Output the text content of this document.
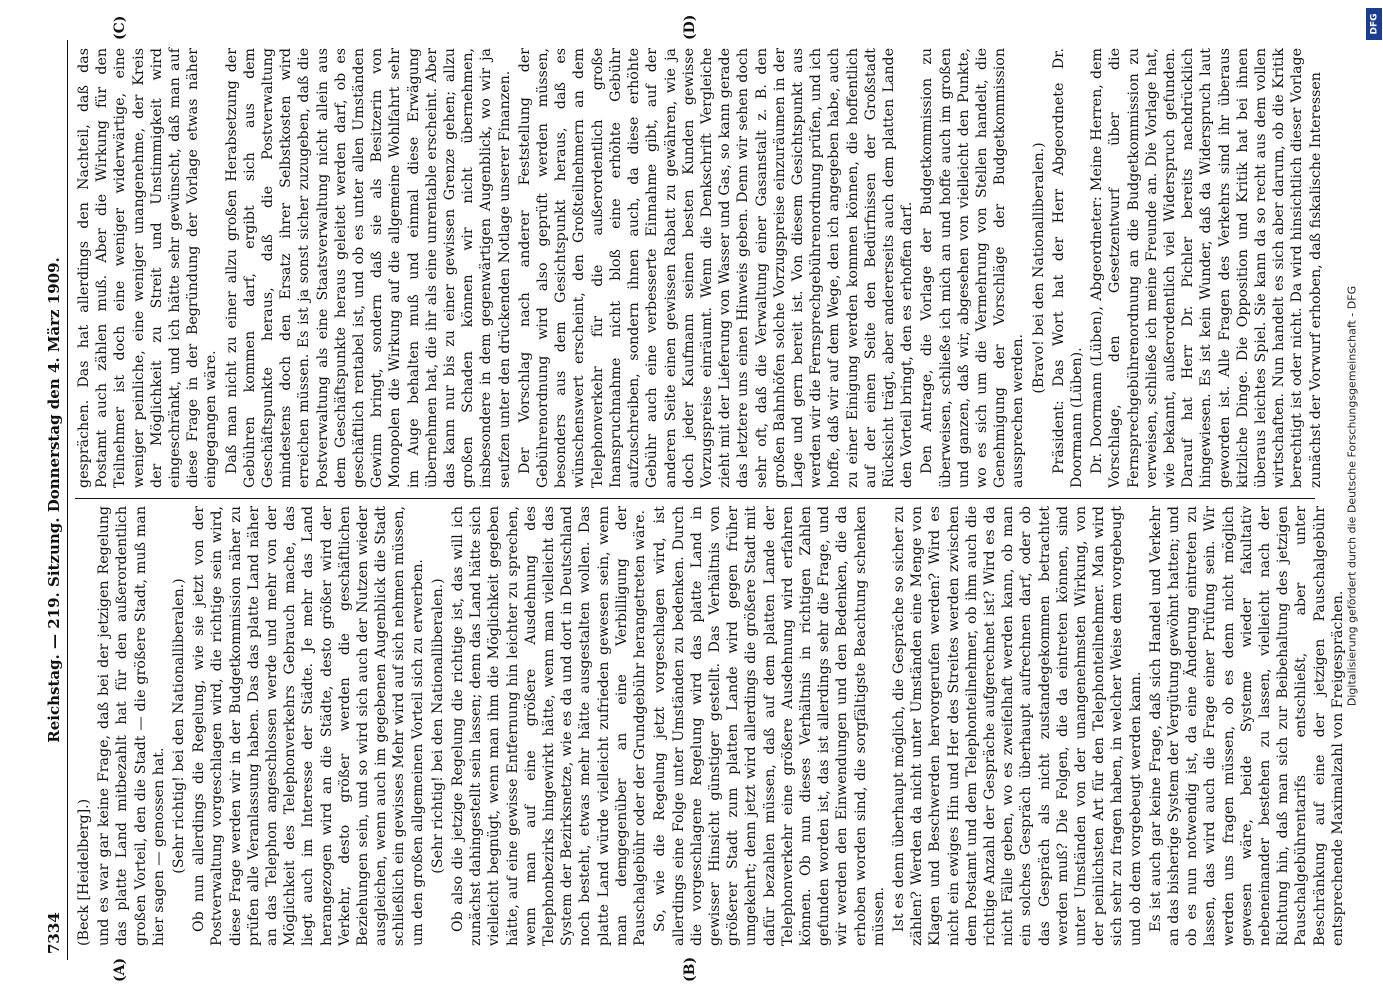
7334
Reichstag. — 219. Sitzung. Donnerstag den 4. März 1909.
(A)	(B)
(C)	(D)

(Beck [Heidelberg].) und es war gar keine Frage, daß bei der jetzigen Regelung das platte Land mitbezahlt hat für den außerordentlich großen Vorteil, den die Stadt — die größere Stadt, muß man hier sagen — genossen hat. (Sehr richtig! bei den Nationalliberalen.) Ob nun allerdings die Regelung, wie sie jetzt von der Postverwaltung vorgeschlagen wird, die richtige sein wird, diese Frage werden wir in der Budgetkommission näher zu prüfen alle Veranlassung haben. Das das platte Land näher an das Telephon angeschlossen werde und mehr von der Möglichkeit des Telephonverkehrs Gebrauch mache, das liegt auch im Interesse der Städte. Je mehr das Land herangezogen wird an die Städte, desto größer wird der Verkehr, desto größer werden die geschäftlichen Beziehungen sein, und so wird sich auch der Nutzen wieder ausgleichen, wenn auch im gegebenen Augenblick die Stadt schließlich ein gewisses Mehr wird auf sich nehmen müssen, um den großen allgemeinen Vorteil sich zu erwerben. (Sehr richtig! bei den Nationalliberalen.) Ob also die jetzige Regelung die richtige ist, das will ich zunächst dahingestellt sein lassen; denn das Land hätte sich vielleicht begnügt, wenn man ihm die Möglichkeit gegeben hätte, auf eine gewisse Entfernung hin leichter zu sprechen, wenn man auf eine größere Ausdehnung des Telephonbezirks hingewirkt hätte, wenn man vielleicht das System der Bezirksnetze, wie es da und dort in Deutschland noch besteht, etwas mehr hätte ausgestalten wollen. Das platte Land würde vielleicht zufrieden gewesen sein, wenn man demgegenüber an eine Verbilligung der Pauschalgebühr oder der Grundgebühr herangetreten wäre. So, wie die Regelung jetzt vorgeschlagen wird, ist allerdings eine Folge unter Umständen zu bedenken. Durch die vorgeschlagene Regelung wird das platte Land in gewisser Hinsicht günstiger gestellt. Das Verhältnis von größerer Stadt zum platten Lande wird gegen früher umgekehrt; denn jetzt wird allerdings die größere Stadt mit dafür bezahlen müssen, daß auf dem platten Lande der Telephonverkehr eine größere Ausdehnung wird erfahren können. Ob nun dieses Verhältnis in richtigen Zahlen gefunden worden ist, das ist allerdings sehr die Frage, und wir werden den Einwendungen und den Bedenken, die da erhoben worden sind, die sorgfältigste Beachtung schenken müssen. Ist es denn überhaupt möglich, die Gespräche so sicher zu zählen? Werden da nicht unter Umständen eine Menge von Klagen und Beschwerden hervorgerufen werden? Wird es nicht ein ewiges Hin und Her des Streites werden zwischen dem Postamt und dem Telephonteilnehmer, ob ihm auch die richtige Anzahl der Gespräche aufgerechnet ist? Wird es da nicht Fälle geben, wo es zweifelhaft werden kann, ob man ein solches Gespräch überhaupt aufrechnen darf, oder ob das Gespräch als nicht zustandegekommen betrachtet werden muß? Die Folgen, die da eintreten können, sind unter Umständen von der unangenehmsten Wirkung, von der peinlichsten Art für den Telephonteilnehmer. Man wird sich sehr zu fragen haben, in welcher Weise dem vorgebeugt und ob dem vorgebeugt werden kann. Es ist auch gar keine Frage, daß sich Handel und Verkehr an das bisherige System der Vergütung gewöhnt hatten; und ob es nun notwendig ist, da eine Änderung eintreten zu lassen, das wird auch die Frage einer Prüfung sein. Wir werden uns fragen müssen, ob es denn nicht möglich gewesen wäre, beide Systeme wieder fakultativ nebeneinander bestehen zu lassen, vielleicht nach der Richtung hin, daß man sich zur Beibehaltung des jetzigen Pauschalgebührentarifs entschließt, aber unter Beschränkung auf eine der jetzigen Pauschalgebühr entsprechende Maximalzahl von Freigesprächen.

gesprächen. Das hat allerdings den Nachteil, daß das Postamt auch zählen muß. Aber die Wirkung für den Teilnehmer ist doch eine weniger widerwärtige, eine weniger peinliche, eine weniger unangenehme, der Kreis der Möglichkeit zu Streit und Unstimmigkeit wird eingeschränkt, und ich hätte sehr gewünscht, daß man auf diese Frage in der Begründung der Vorlage etwas näher eingegangen wäre. Daß man nicht zu einer allzu großen Herabsetzung der Gebühren kommen darf, ergibt sich aus dem Geschäftspunkte heraus, daß die Postverwaltung mindestens doch den Ersatz ihrer Selbstkosten wird erreichen müssen. Es ist ja sonst sicher zuzugeben, daß die Postverwaltung als eine Staatsverwaltung nicht allein aus dem Geschäftspunkte heraus geleitet werden darf, ob es geschäftlich rentabel ist, und ob es unter allen Umständen Gewinn bringt, sondern daß sie als Besitzerin von Monopolen die Wirkung auf die allgemeine Wohlfahrt sehr im Auge behalten muß und einmal diese Erwägung übernehmen hat, die ihr als eine unrentable erscheint. Aber das kann nur bis zu einer gewissen Grenze gehen; allzu großen Schaden können wir nicht übernehmen, insbesondere in dem gegenwärtigen Augenblick, wo wir ja seufzen unter den drückenden Notlage unserer Finanzen. Der Vorschlag nach anderer Feststellung der Gebührenordnung wird also geprüft werden müssen, besonders aus dem Gesichtspunkt heraus, daß es wünschenswert erscheint, den Großteilnehmern an dem Telephonverkehr für die außerordentlich große Inanspruchnahme nicht bloß eine erhöhte Gebühr aufzuschreiben, sondern ihnen auch, da diese erhöhte Gebühr auch eine verbesserte Einnahme gibt, auf der anderen Seite einen gewissen Rabatt zu gewähren, wie ja doch jeder Kaufmann seinen besten Kunden gewisse Vorzugspreise einräumt. Wenn die Denkschrift Vergleiche zieht mit der Lieferung von Wasser und Gas, so kann gerade das letztere uns einen Hinweis geben. Denn wir sehen doch sehr oft, daß die Verwaltung einer Gasanstalt z. B. den großen Bahnhöfen solche Vorzugspreise einzuräumen in der Lage und gern bereit ist. Von diesem Gesichtspunkt aus werden wir die Fernsprechgebührenordnung prüfen, und ich hoffe, daß wir auf dem Wege, den ich angegeben habe, auch zu einer Einigung werden kommen können, die hoffentlich auf der einen Seite den Bedürfnissen der Großstadt Rücksicht trägt, aber andererseits auch dem platten Lande den Vorteil bringt, den es erhoffen darf. Den Antrage, die Vorlage der Budgetkommission zu überweisen, schließe ich mich an und hoffe auch im großen und ganzen, daß wir, abgesehen von vielleicht den Punkte, wo es sich um die Vermehrung von Stellen handelt, die Genehmigung der Vorschläge der Budgetkommission aussprechen werden.

(Bravo! bei den Nationalliberalen.) Präsident: Das Wort hat der Herr Abgeordnete Dr. Doormann (Lüben). Dr. Doormann (Lüben), Abgeordneter: Meine Herren, dem Vorschlage, den Gesetzentwurf über die Fernsprechgebührenordnung an die Budgetkommission zu verweisen, schließe ich meine Freunde an. Die Vorlage hat, wie bekannt, außerordentlich viel Widerspruch gefunden. Darauf hat Herr Dr. Pichler bereits nachdrücklich hingewiesen. Es ist kein Wunder, daß da Widerspruch laut geworden ist. Alle Fragen des Verkehrs sind ihr überaus kitzliche Dinge. Die Opposition und Kritik hat bei ihnen überaus leichtes Spiel. Sie kann da so recht aus dem vollen wirtschaften. Nun handelt es sich aber darum, ob die Kritik berechtigt ist oder nicht. Da wird hinsichtlich dieser Vorlage zunächst der Vorwurf erhoben, daß fiskalische Interessen

Digitalisierung gefördert durch die Deutsche Forschungsgemeinschaft - DFG
DFG
